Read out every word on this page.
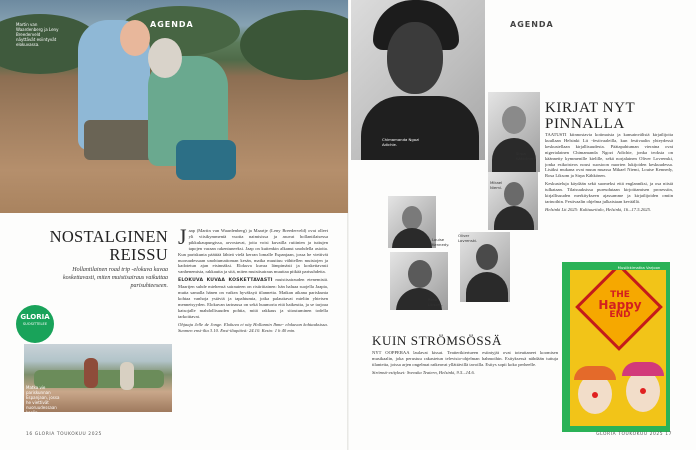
AGENDA
Martin van Waardenberg ja Leny Breederveld näyttävät esiintyvät elokuvassa.
NOSTALGINEN REISSU
Hollantilainen road trip -elokuva kuvaa koskettavasti, miten muistisairaus vaikuttaa parisuhteeseen.
J aap (Martin van Waardenberg) ja Maartje (Leny Breederveld) ovat olleet yli viisikymmentä vuotta naimisissa ja asuvat hollantilaisessa pikkukaupungissa, arvostavat, joita voisi kuvailla rutiinien ja tuttujen tapojen varaan rakentuneeksi. Jaap on kuitenkin alkanut unohdella asioita. Kun pariskunta päättää lähteä vielä kerran lomalle Espanjaan, jossa he viettivät nuoruudessaan unohtumattoman kesän, matka muuttuu vähitellen muistojen ja kadotetun ajan etsinnäksi. Elokuva kuvaa lämpimästi ja koskettavasti vanhenemista, rakkautta ja sitä, miten muistisairaus muuttaa pitkää parisuhdetta.
ELOKUVA KUVAA KOSKETTAVASTI muistisairauden etenemistä. Maartjen suhde miehensä sairauteen on ristiriitainen: hän haluaa suojella Jaapia, mutta samalla hänen on vaikea hyväksyä tilannetta. Matkan aikana pariskunta kohtaa vanhoja ystäviä ja tapahtumia, jotka palauttavat mieliin yhteisen menneisyyden. Elokuvan tarinassa on sekä huumoria että haikeutta, ja se tarjoaa katsojalle mahdollisuuden pohtia, mitä rakkaus ja sitoutuminen todella tarkoittavat.
Ohjaaja Jelle de Jonge. Elokuva ei näy Hollannin Ihme- elokuvan kohtauksissa. Suomen ensi-ilta 3.10. Ensi-iltapäivä: 24.10. Kesto: 1 h 40 min.
GLORIA
SUOSITTELEE
Matka vie pariskunnan Espanjaan, jossa he viettivät nuoruudessaan kesän.
16 GLORIA TOUKOKUU 2025
AGENDA
Chimamanda Ngozi Adichie.
Sirpa Kähkönen.
Mikael Niemi.
Louise Kennedy.
Oliver Lovrenski.
Rosa Liksom.
KIRJAT NYT PINNALLA
TAATUSTI kiinnostavia kotimaisia ja kansainvälisiä kirjailijoita kuullaan Helsinki Lit -festivaaleilla, kun festivaalin yhteydessä keskustellaan kirjallisuudesta. Päätapahtuman vieraina ovat nigerialainen Chimamanda Ngozi Adichie, jonka teoksia on käännetty kymmenille kielille, sekä norjalainen Oliver Lovrenski, jonka esikoisteos nousi suosioon nuorten lukijoiden keskuudessa. Lisäksi mukana ovat muun muassa Mikael Niemi, Louise Kennedy, Rosa Liksom ja Sirpa Kähkönen.
Keskusteluja käydään sekä suomeksi että englanniksi, ja osa niistä tulkataan. Tilaisuuksissa pureudutaan kirjoittamisen prosessiin, kirjallisuuden merkitykseen ajassamme ja kirjailijoiden omiin tarinoihin. Festivaalin ohjelma julkaistaan keväällä.
Helsinki Lit 2025: Kulttuuritalo, Helsinki, 16.–17.5.2025.
KUIN STRÖMSÖSSÄ
NYT OOPPERAA laulavat kissat. Teatterikiertueen esiintyjät ovat toteuttaneet koomisen musikaalin, joka perustuu rakastetun televisio-ohjelman hahmoihin. Esityksessä nähdään tuttuja tilanteita, joissa arjen ongelmat ratkeavat yllättävillä tavoilla. Esitys sopii koko perheelle.
Strömsö-esitykset: Svenska Teatern, Helsinki, 9.5.–14.6.
Musiikkimatka Varjoon
THE
Happy
END
GLORIA TOUKOKUU 2025 17
